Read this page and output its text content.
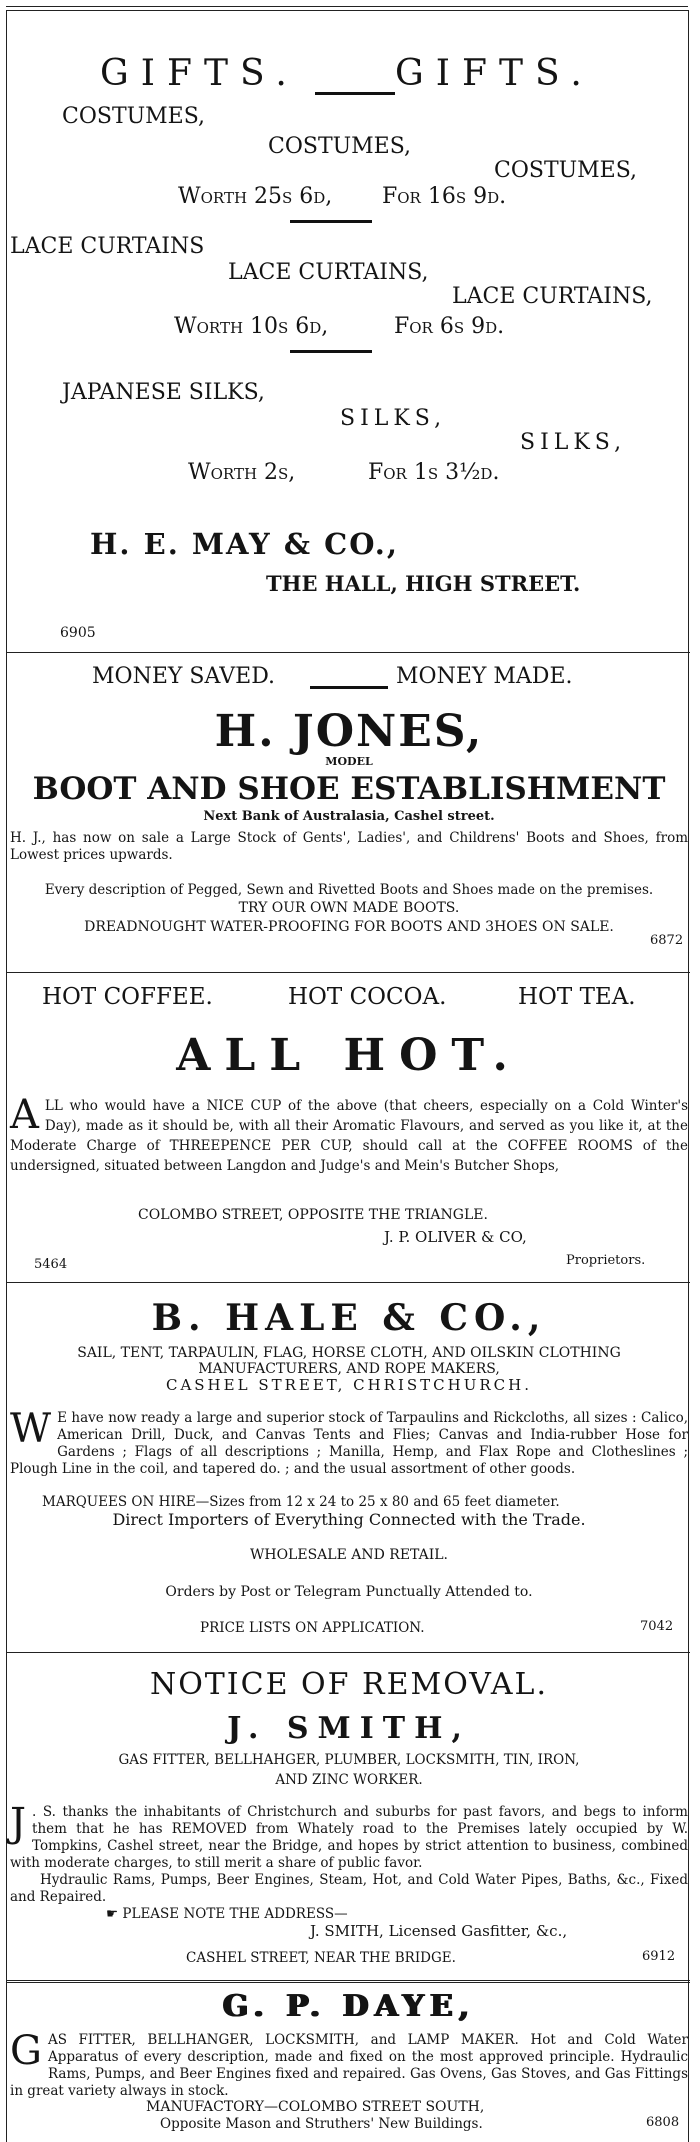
GIFTS.	GIFTS.
COSTUMES,
COSTUMES,
COSTUMES,
Worth 25s 6d, For 16s 9d.
LACE CURTAINS
LACE CURTAINS,
LACE CURTAINS,
Worth 10s 6d,	For 6s 9d.
JAPANESE SILKS,
SILKS,
SILKS,
Worth 2s,	For 1s 3½d.
H. E. MAY & CO.,
THE HALL, HIGH STREET.
6905
MONEY SAVED.	MONEY MADE.
H. JONES,
MODEL
BOOT AND SHOE ESTABLISHMENT
Next Bank of Australasia, Cashel street.
H. J., has now on sale a Large Stock of Gents', Ladies', and Childrens' Boots and Shoes, from Lowest prices upwards.
Every description of Pegged, Sewn and Rivetted Boots and Shoes made on the premises.
TRY OUR OWN MADE BOOTS.
DREADNOUGHT WATER-PROOFING FOR BOOTS AND 3HOES ON SALE.
6872
HOT COFFEE.	HOT COCOA.	HOT TEA.
ALL HOT.
ALL who would have a NICE CUP of the above (that cheers, especially on a Cold Winter's Day), made as it should be, with all their Aromatic Flavours, and served as you like it, at the Moderate Charge of THREEPENCE PER CUP, should call at the COFFEE ROOMS of the undersigned, situated between Langdon and Judge's and Mein's Butcher Shops,
COLOMBO STREET, OPPOSITE THE TRIANGLE.
J. P. OLIVER & CO,
5464	Proprietors.
B. HALE & CO.,
SAIL, TENT, TARPAULIN, FLAG, HORSE CLOTH, AND OILSKIN CLOTHING
MANUFACTURERS, AND ROPE MAKERS,
CASHEL STREET, CHRISTCHURCH.
W E have now ready a large and superior stock of Tarpaulins and Rickcloths, all sizes : Calico, American Drill, Duck, and Canvas Tents and Flies; Canvas and India-rubber Hose for Gardens ; Flags of all descriptions ; Manilla, Hemp, and Flax Rope and Clotheslines ; Plough Line in the coil, and tapered do. ; and the usual assortment of other goods.
MARQUEES ON HIRE—Sizes from 12 x 24 to 25 x 80 and 65 feet diameter.
Direct Importers of Everything Connected with the Trade.
WHOLESALE AND RETAIL.
Orders by Post or Telegram Punctually Attended to.
PRICE LISTS ON APPLICATION.	7042
NOTICE OF REMOVAL.
J. SMITH,
GAS FITTER, BELLHAHGER, PLUMBER, LOCKSMITH, TIN, IRON,
AND ZINC WORKER.
J . S. thanks the inhabitants of Christchurch and suburbs for past favors, and begs to inform them that he has REMOVED from Whately road to the Premises lately occupied by W. Tompkins, Cashel street, near the Bridge, and hopes by strict attention to business, combined with moderate charges, to still merit a share of public favor.
Hydraulic Rams, Pumps, Beer Engines, Steam, Hot, and Cold Water Pipes, Baths, &c., Fixed and Repaired.
☛ PLEASE NOTE THE ADDRESS—
J. SMITH, Licensed Gasfitter, &c.,
CASHEL STREET, NEAR THE BRIDGE.	6912
G. P. DAYE,
GAS FITTER, BELLHANGER, LOCKSMITH, and LAMP MAKER. Hot and Cold Water Apparatus of every description, made and fixed on the most approved principle. Hydraulic Rams, Pumps, and Beer Engines fixed and repaired. Gas Ovens, Gas Stoves, and Gas Fittings in great variety always in stock.
MANUFACTORY—COLOMBO STREET SOUTH,
Opposite Mason and Struthers' New Buildings.	6808
